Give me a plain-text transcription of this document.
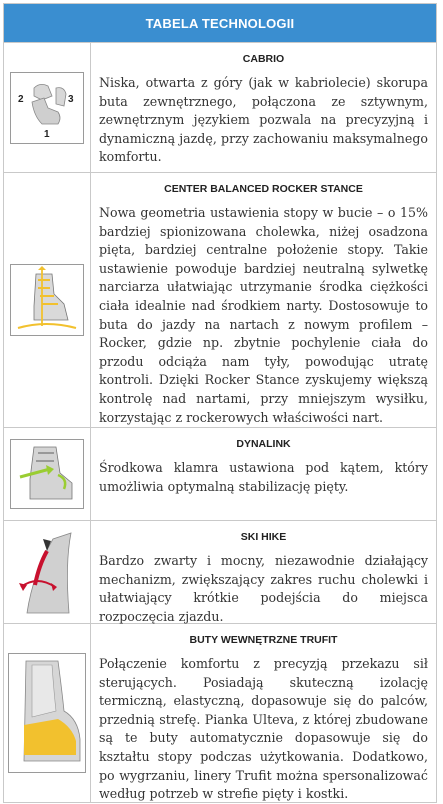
TABELA TECHNOLOGII
2	3
1
CABRIO

Niska, otwarta z góry (jak w kabriolecie) skorupa buta zewnętrznego, połączona ze sztywnym, zewnętrznym językiem pozwala na precyzyjną i dynamiczną jazdę, przy zachowaniu maksymalnego komfortu.

CENTER BALANCED ROCKER STANCE

Nowa geometria ustawienia stopy w bucie – o 15% bardziej spionizowana cholewka, niżej osadzona pięta, bardziej centralne położenie stopy. Takie ustawienie powoduje bardziej neutralną sylwetkę narciarza ułatwiając utrzymanie środka ciężkości ciała idealnie nad środkiem narty. Dostosowuje to buta do jazdy na nartach z nowym profilem – Rocker, gdzie np. zbytnie pochylenie ciała do przodu odciąża nam tyły, powodując utratę kontroli. Dzięki Rocker Stance zyskujemy większą kontrolę nad nartami, przy mniejszym wysiłku, korzystając z rockerowych właściwości nart.

DYNALINK

Środkowa klamra ustawiona pod kątem, który umożliwia optymalną stabilizację pięty.

SKI HIKE

Bardzo zwarty i mocny, niezawodnie działający mechanizm, zwiększający zakres ruchu cholewki i ułatwiający krótkie podejścia do miejsca rozpoczęcia zjazdu.

BUTY WEWNĘTRZNE TRUFIT

Połączenie komfortu z precyzją przekazu sił sterujących. Posiadają skuteczną izolację termiczną, elastyczną, dopasowuje się do palców, przednią strefę. Pianka Ulteva, z której zbudowane są te buty automatycznie dopasowuje się do kształtu stopy podczas użytkowania. Dodatkowo, po wygrzaniu, linery Trufit można spersonalizować według potrzeb w strefie pięty i kostki.
